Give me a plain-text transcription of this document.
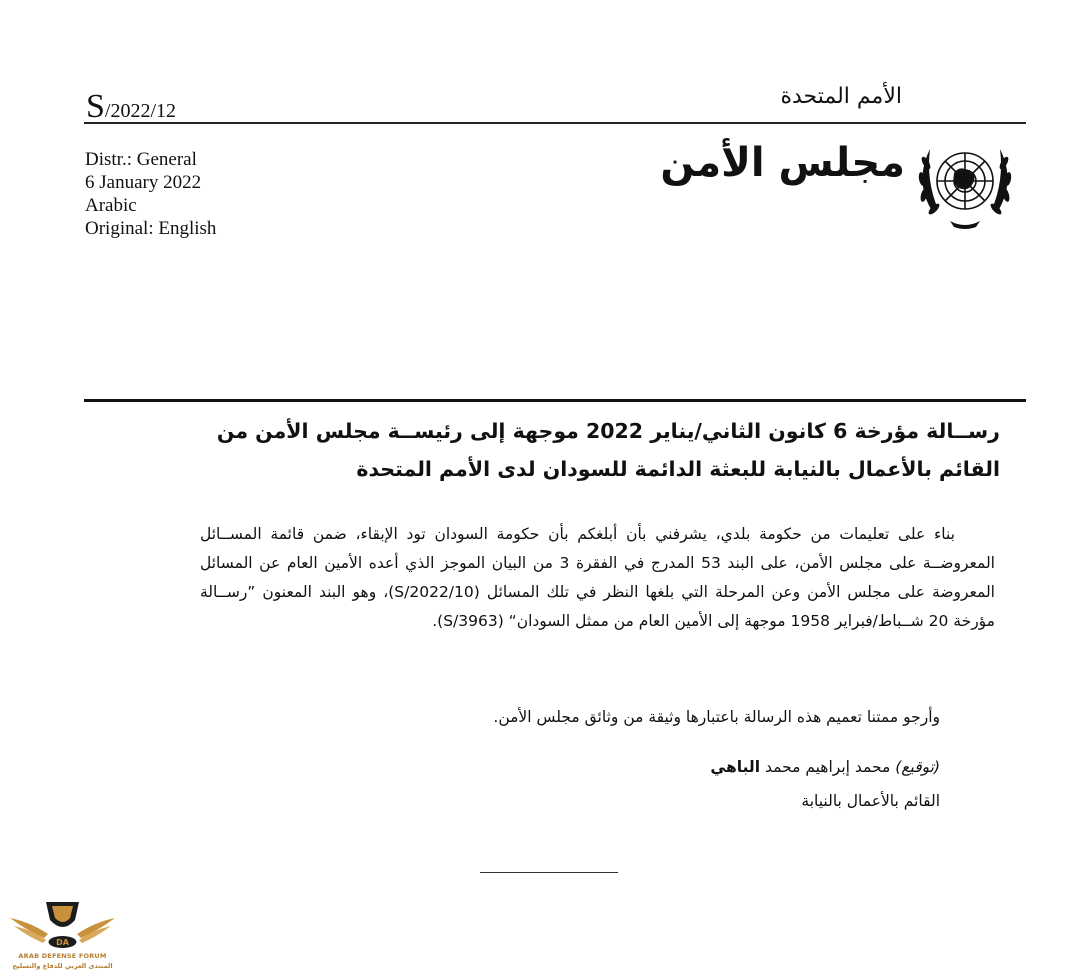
S/2022/12
الأمم المتحدة
Distr.: General
6 January 2022
Arabic
Original: English
مجلس الأمن
رســالة مؤرخة 6 كانون الثاني/يناير 2022 موجهة إلى رئيســة مجلس الأمن من القائم بالأعمال بالنيابة للبعثة الدائمة للسودان لدى الأمم المتحدة

بناء على تعليمات من حكومة بلدي، يشرفني بأن أبلغكم بأن حكومة السودان تود الإبقاء، ضمن قائمة المســائل المعروضــة على مجلس الأمن، على البند 53 المدرج في الفقرة 3 من البيان الموجز الذي أعده الأمين العام عن المسائل المعروضة على مجلس الأمن وعن المرحلة التي بلغها النظر في تلك المسائل (S/2022/10)، وهو البند المعنون ”رســالة مؤرخة 20 شــباط/فبراير 1958 موجهة إلى الأمين العام من ممثل السودان“ (S/3963).

وأرجو ممتنا تعميم هذه الرسالة باعتبارها وثيقة من وثائق مجلس الأمن.
(توقيع) محمد إبراهيم محمد الباهي
القائم بالأعمال بالنيابة
DA
ARAB DEFENSE FORUM
المنتدى العربي للدفاع والتسليح
